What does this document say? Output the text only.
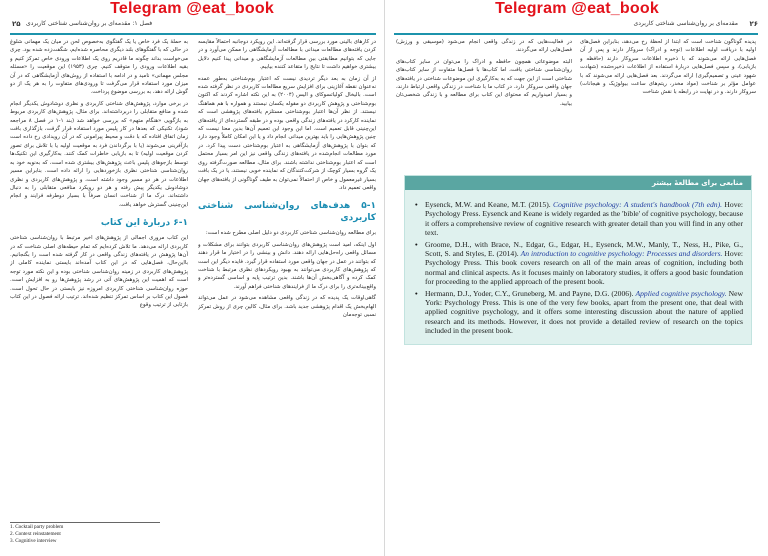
Telegram @eat_book
۲۵ فصل ۱: مقدمه‌ای بر روان‌شناسی شناختی کاربردی

در کارهای بالینی مورد بررسی قرار گرفته‌اند. این رویکرد دوجانبه احتمالاً مقایسه کردن یافته‌های مطالعات میدانی با مطالعات آزمایشگاهی را ممکن می‌آورد و در جایی که بتوانیم مطابقتی بین مطالعات آزمایشگاهی و میدانی پیدا کنیم دلایل بیشتری خواهیم داشت تا نتایج را متقاعد کننده بیابیم.

از آن زمان به بعد دیگر تردیدی نیست که اعتبار بوم‌شناختی به‌طور عمده نه‌عنوان نقطه آغازینی برای افزایش سریع مطالعات کاربردی در نظر گرفته شده است. بالیخال کولیاتسوکای و الیس (۲۰۰۴) به این نکته اشاره کردند که اکنون بوم‌شناختی و پژوهش کاربردی دو مقوله یکسان نیستند و همواره با هم هماهنگ نیستند. از نظر آن‌ها اعتبار بوم‌شناختی مستلزم یافته‌های پژوهشی است که نماینده کارکرد در یافته‌های زندگی واقعی بوده و در طبقه گسترده‌ای از یافته‌های این‌چنینی قابل تعمیم است. اما این وجود این تعمیم آن‌ها بدین معنا نیست که چنین پژوهش‌هایی را باید بهترین میدانی انجام داد و یا این امکان کاملاً وجود دارد که بتوان با پژوهش‌های آزمایشگاهی به اعتبار بوم‌شناختی دست پیدا کرد. در مورد مطالعات انجام‌شده در یافته‌های زندگی واقعی نیز این امر بسیار محتمل است که اعتبار بوم‌شناختی نداشته باشند. برای مثال، مطالعه صورت‌گرفته روی یک گروه بسیار کوچک از شرکت‌کنندگان که نماینده خوبی نیستند، یا در یک بافت بسیار غیرمعمول و خاص از احتمالاً نمی‌توان به طیف گوناگونی از یافته‌های جهان واقعی تعمیم داد.

۵-۱ هدف‌های روان‌شناسی شناختی کاربردی

برای مطالعه روان‌شناسی شناختی کاربردی دو دلیل اصلی مطرح شده است:

اول اینکه، امید است پژوهش‌های روان‌شناسی کاربردی بتوانند برای مشکلات و مسائل واقعی راه‌حل‌هایی ارائه دهند. دانش و بینشی را در اختیار ما قرار دهند که بتوانند در عمل در جهان واقعی مورد استفاده قرار گیرد. فایده دیگر این است که پژوهش‌های کاربردی می‌توانند به بهبود رویکردهای نظری مرتبط با شناخت کمک کرده و آگاهی‌بخش آن‌ها باشند. بدین ترتیب پایه و اساسی گسترده‌تر و واقع‌بینانه‌تری را برای درک ما از فرایندهای شناختی فراهم آورند.

گاهی‌اوقات یک پدیده که در زندگی واقعی مشاهده می‌شود در عمل می‌تواند الهام‌بخش یک اقدام پژوهشی جدید باشد. برای مثال، کالین چری از روش تمرکز نسبی توجه‌مان

به حملهٔ یک فرد خاص یا یک گفتگوی به‌خصوص لحن در میان یک مهمانی شلوغ در حالی که با گفتگوهای بلند دیگری محاصره شده‌ایم، شگفت‌زده شده بود. چری می‌خواست بداند چگونه ما قادریم روی یک اطلاعات ورودی خاص تمرکز کنیم و بقیه اطلاعات ورودی را متوقف کنیم. چری (۱۹۵۳) این موقعیت را «مسئله مجلس مهمانی» نامید و در ادامه با استفاده از روش‌های آزمایشگاهی که در آن میزان مورد استفاده قرار می‌گرفت تا ورودی‌های متفاوت را به هر یک از دو گوش ارائه دهد، به بررسی موضوع پرداخت.

در برخی موارد، پژوهش‌های شناختی کاربردی و نظری دوشادوش یکدیگر انجام شده و منافع متقابلی را دربرداشته‌اند. برای مثال، پژوهش‌های کاربردی مربوط به بازگویی «هنگام متهم» که بررسی خواهد شد (بند ۱-۱ در فصل ۸ مراجعه شود)، تکنیکی که بعدها در کار پلیس مورد استفاده قرار گرفت، بازگذاری بافت زمان اتفاق افتاده که با دقت و محیط پیرامونی که در آن رویدادی رخ داده است بازآفرینی می‌شوند (یا با برگرداندن فرد به موقعیت اولیه یا با تلاش برای تصور کردن موقعیت اولیه) تا به بازیابی خاطرات کمک کنند. به‌کارگیری این تکنیک‌ها توسط بازجوهای پلیس باعث پژوهش‌های بیشتری شده است، که به‌نوبه خود به روان‌شناسی شناختی نظری بازخوردهایی را ارائه داده است. بنابراین مسیر اطلاعات در هر دو مسیر وجود داشته است، و پژوهش‌های کاربردی و نظری دوشادوش یکدیگر پیش رفته و هر دو رویکرد منافعی متقابلی را به دنبال داشته‌اند. درک ما از شناخت انسان صرفاً با بسیار دوطرفه فرایند و انجام این‌چنینی گسترش خواهد یافت.

۶-۱ دربارهٔ این کتاب

این کتاب مروری اجمالی از پژوهش‌های اخیر مرتبط با روان‌شناسی شناختی کاربردی ارائه می‌دهد. ما تلاش کرده‌ایم که تمام حیطه‌های اصلی شناخت که در آن‌ها پژوهش در یافته‌های زندگی واقعی در کار گرفته شده است را بگنجانیم. بااین‌حال، فصل‌هایی که در این کتاب آمده‌اند بایستی نماینده کاملی از پژوهش‌های کاربردی در زمینه روان‌شناسی شناختی بوده و این نکته مورد توجه است که اهمیت این پژوهش‌های آتی در رشد پژوهش‌ها رو به افزایش است. حوزه روان‌شناسی شناختی کاربردی امروزه نیز بایستی در حال تحول است. فصول این کتاب بر اساس تمرکز تنظیم شده‌اند. ترتیب ارائه فصول در این کتاب بازتابی از ترتیب وقوع

1. Cocktail party problem
2. Context reinstatement
3. Cognitive interview
Telegram @eat_book
مقدمه‌ای بر روان‌شناسی شناختی کاربردی ۲۶

پدیده گوناگون شناخت است که ابتدا از لحظهٔ رخ می‌دهد، بنابراین فصل‌های اولیه با دریافت اولیه اطلاعات (توجه و ادراک) سروکار دارند و پس از آن فصل‌هایی ارائه می‌شوند که با ذخیره اطلاعات سروکار دارند (حافظه و بازیابی)، و سپس فصل‌هایی دربارهٔ استفاده از اطلاعات ذخیره‌شده (شهادت شهود عینی و تصمیم‌گیری) ارائه می‌گردند. بعد فصل‌هایی ارائه می‌شوند که با عوامل مؤثر بر شناخت (مواد مخدر، ریتم‌های ساعت بیولوژیک و هیجانات) سروکار دارند. و در نهایت در رابطه با نقش شناخت

در فعالیت‌هایی که در زندگی واقعی انجام می‌شود (موسیقی و ورزش) فصل‌هایی ارائه می‌گردند.

البته موضوعاتی همچون حافظه و ادراک را می‌توان در سایر کتاب‌های روان‌شناسی شناختی یافت، اما کتاب‌ها با فصل‌ها متفاوت از سایر کتاب‌های شناختی است از این جهت که به به‌کارگیری این موضوعات شناختی در یافته‌های جهان واقعی سروکار دارد. در کتاب ما با شناخت در زندگی واقعی ارتباط دارند، و بسیار امیدواریم که محتوای این کتاب برای مطالعه و با زندگی شخصی‌تان بیابید.

منابعی برای مطالعهٔ بیشتر
• Eysenck, M.W. and Keane, M.T. (2015). Cognitive psychology: A student's handbook (7th edn). Hove: Psychology Press. Eysenck and Keane is widely regarded as the 'bible' of cognitive psychology, because it offers a comprehensive review of cognitive research with greater detail than you will find in any other text.
• Groome, D.H., with Brace, N., Edgar, G., Edgar, H., Eysenck, M.W., Manly, T., Ness, H., Pike, G., Scott, S. and Styles, E. (2014). An introduction to cognitive psychology: Processes and disorders. Hove: Psychology Press. This book covers research on all of the main areas of cognition, including both normal and clinical aspects. As it focuses mainly on laboratory studies, it offers a good basic foundation for proceeding to the applied approach of the present book.
• Hermann, D.J., Yoder, C.Y., Gruneberg, M. and Payne, D.G. (2006). Applied cognitive psychology. New York: Psychology Press. This is one of the very few books, apart from the present one, that deal with applied cognitive psychology, and it offers some interesting discussion about the nature of applied research and its methods. However, it does not provide a detailed review of research on the topics included in the present book.
